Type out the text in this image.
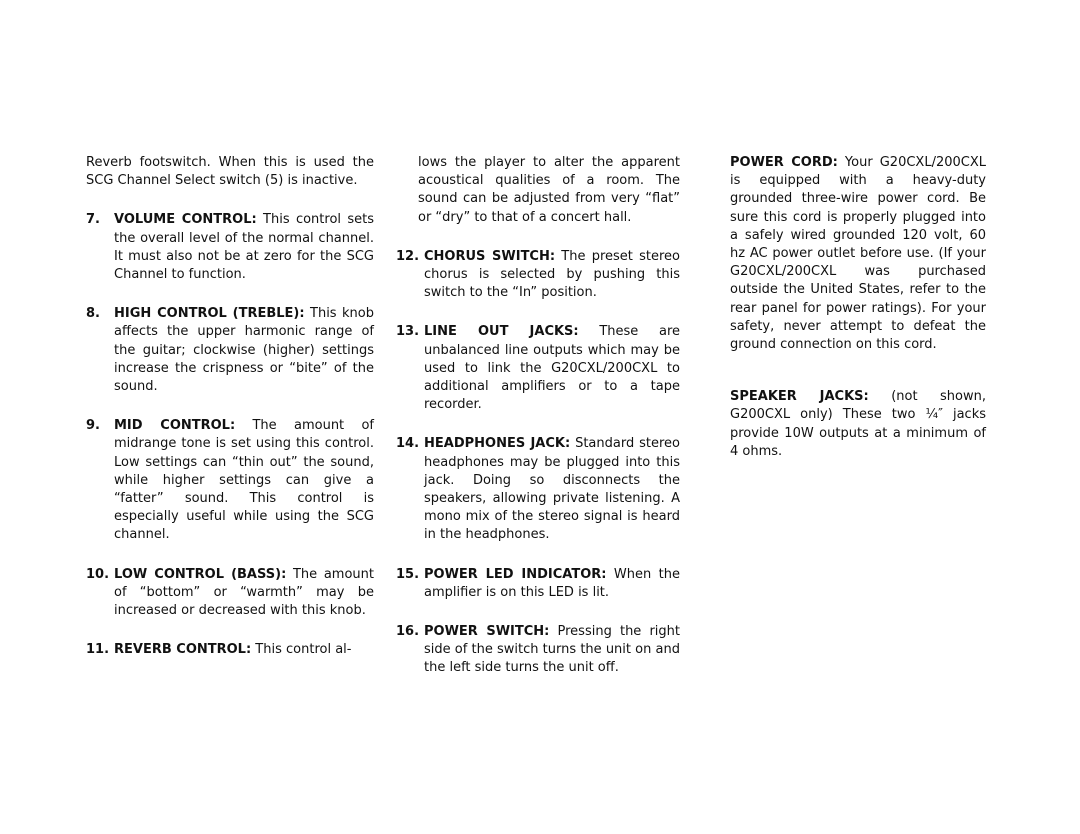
Reverb footswitch. When this is used the SCG Channel Select switch (5) is inactive.

7. VOLUME CONTROL: This control sets the overall level of the normal channel. It must also not be at zero for the SCG Channel to function.
8. HIGH CONTROL (TREBLE): This knob affects the upper harmonic range of the guitar; clockwise (higher) settings increase the crispness or “bite” of the sound.
9. MID CONTROL: The amount of midrange tone is set using this control. Low settings can “thin out” the sound, while higher settings can give a “fatter” sound. This control is especially useful while using the SCG channel.
10. LOW CONTROL (BASS): The amount of “bottom” or “warmth” may be increased or decreased with this knob.
11. REVERB CONTROL: This control al-

lows the player to alter the apparent acoustical qualities of a room. The sound can be adjusted from very “flat” or “dry” to that of a concert hall.

12. CHORUS SWITCH: The preset stereo chorus is selected by pushing this switch to the “In” position.
13. LINE OUT JACKS: These are unbalanced line outputs which may be used to link the G20CXL/200CXL to additional amplifiers or to a tape recorder.
14. HEADPHONES JACK: Standard stereo headphones may be plugged into this jack. Doing so disconnects the speakers, allowing private listening. A mono mix of the stereo signal is heard in the headphones.
15. POWER LED INDICATOR: When the amplifier is on this LED is lit.
16. POWER SWITCH: Pressing the right side of the switch turns the unit on and the left side turns the unit off.
POWER CORD: Your G20CXL/200CXL is equipped with a heavy-duty grounded three-wire power cord. Be sure this cord is properly plugged into a safely wired grounded 120 volt, 60 hz AC power outlet before use. (If your G20CXL/200CXL was purchased outside the United States, refer to the rear panel for power ratings). For your safety, never attempt to defeat the ground connection on this cord.
SPEAKER JACKS: (not shown, G200CXL only) These two ¼″ jacks provide 10W outputs at a minimum of 4 ohms.
